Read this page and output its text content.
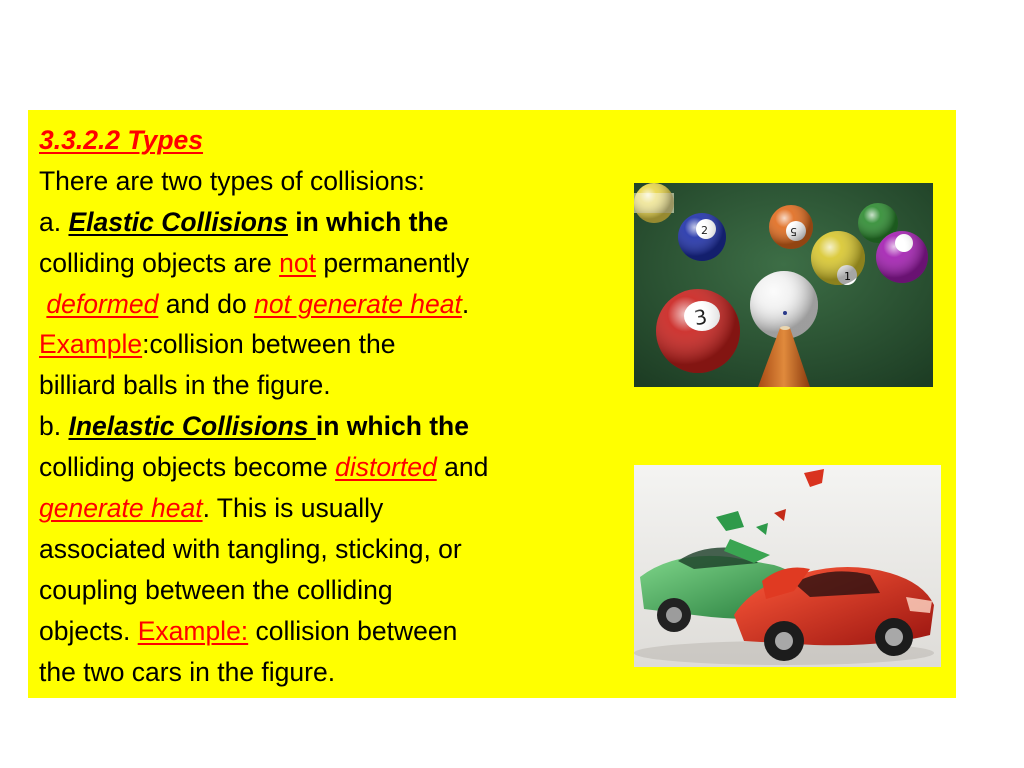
3.3.2.2 Types
There are two types of collisions:
a. Elastic Collisions in which the
colliding objects are not permanently
deformed and do not generate heat.
Example:collision between the
billiard balls in the figure.
b. Inelastic Collisions in which the
colliding objects become distorted and
generate heat. This is usually
associated with tangling, sticking, or
coupling between the colliding
objects. Example: collision between
the two cars in the figure.
